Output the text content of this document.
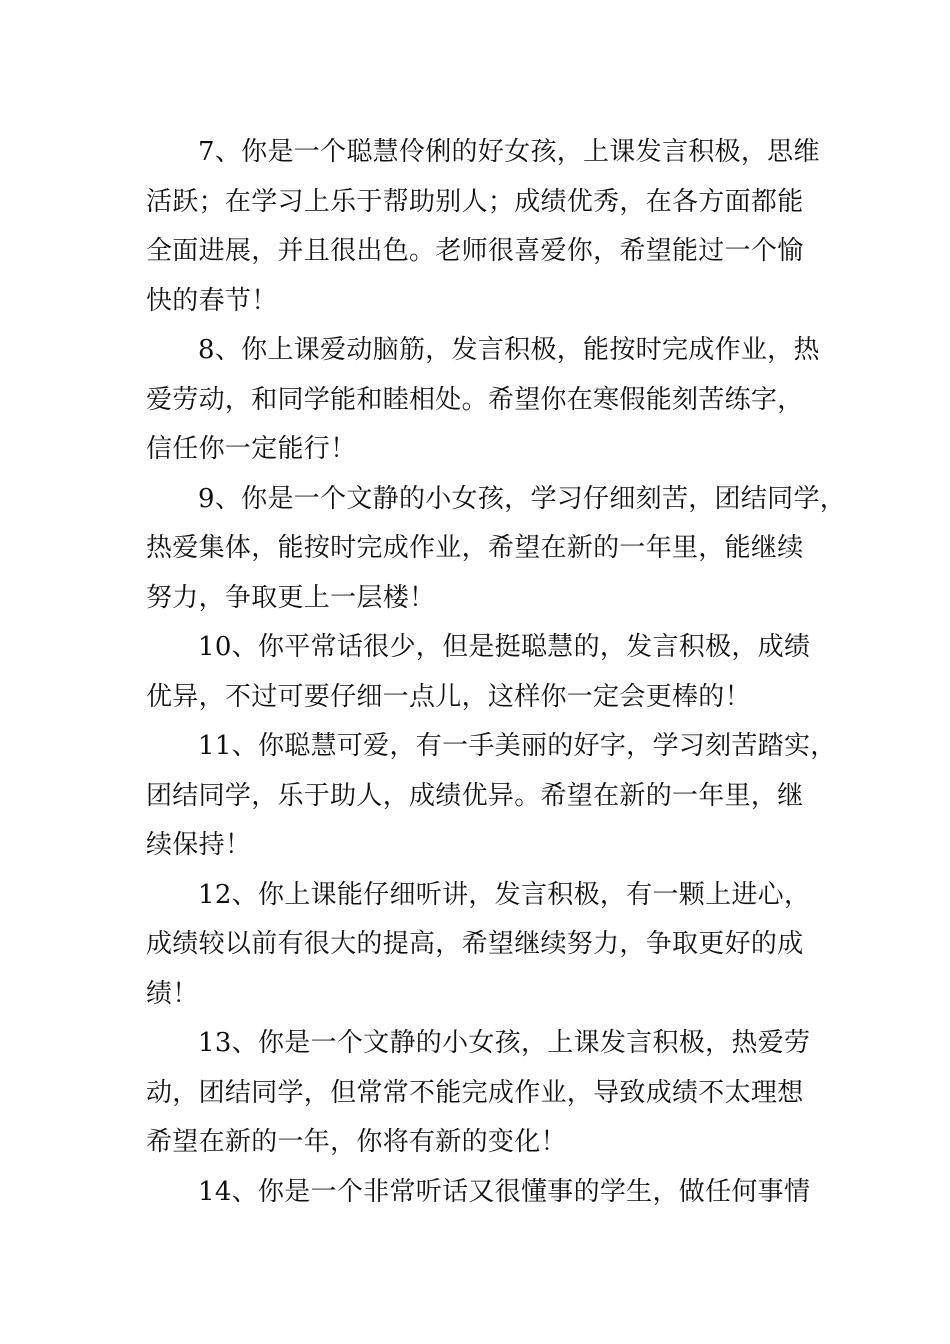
7、你是一个聪慧伶俐的好女孩，上课发言积极，思维
活跃；在学习上乐于帮助别人；成绩优秀，在各方面都能
全面进展，并且很出色。老师很喜爱你，希望能过一个愉
快的春节！

8、你上课爱动脑筋，发言积极，能按时完成作业，热
爱劳动，和同学能和睦相处。希望你在寒假能刻苦练字，
信任你一定能行！

9、你是一个文静的小女孩，学习仔细刻苦，团结同学，
热爱集体，能按时完成作业，希望在新的一年里，能继续
努力，争取更上一层楼！

10、你平常话很少，但是挺聪慧的，发言积极，成绩
优异，不过可要仔细一点儿，这样你一定会更棒的！

11、你聪慧可爱，有一手美丽的好字，学习刻苦踏实，
团结同学，乐于助人，成绩优异。希望在新的一年里，继
续保持！

12、你上课能仔细听讲，发言积极，有一颗上进心，
成绩较以前有很大的提高，希望继续努力，争取更好的成
绩！

13、你是一个文静的小女孩，上课发言积极，热爱劳
动，团结同学，但常常不能完成作业，导致成绩不太理想
希望在新的一年，你将有新的变化！

14、你是一个非常听话又很懂事的学生，做任何事情
